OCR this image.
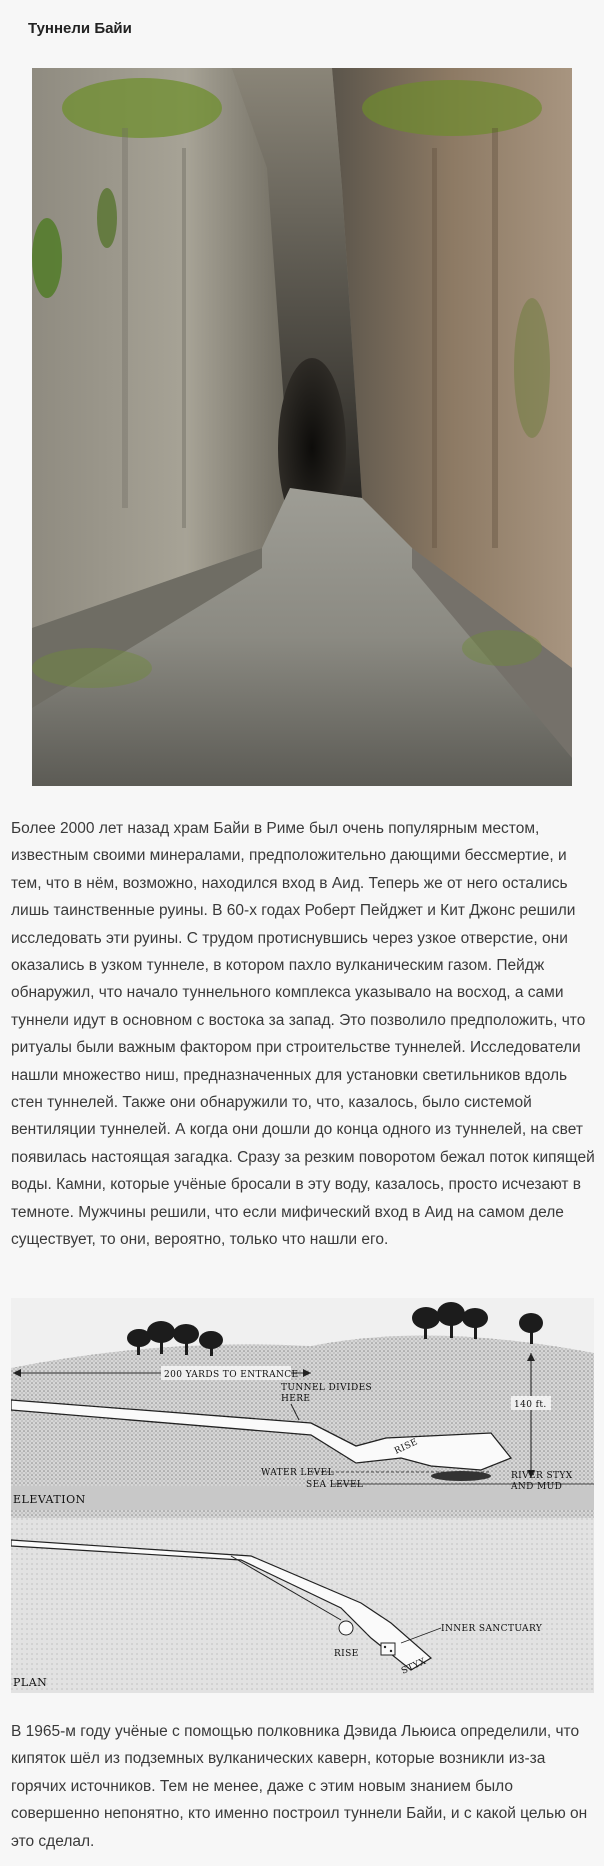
Туннели Байи

Более 2000 лет назад храм Байи в Риме был очень популярным местом, известным своими минералами, предположительно дающими бессмертие, и тем, что в нём, возможно, находился вход в Аид. Теперь же от него остались лишь таинственные руины. В 60-х годах Роберт Пейджет и Кит Джонс решили исследовать эти руины. С трудом протиснувшись через узкое отверстие, они оказались в узком туннеле, в котором пахло вулканическим газом. Пейдж обнаружил, что начало туннельного комплекса указывало на восход, а сами туннели идут в основном с востока за запад. Это позволило предположить, что ритуалы были важным фактором при строительстве туннелей. Исследователи нашли множество ниш, предназначенных для установки светильников вдоль стен туннелей. Также они обнаружили то, что, казалось, было системой вентиляции туннелей. А когда они дошли до конца одного из туннелей, на свет появилась настоящая загадка. Сразу за резким поворотом бежал поток кипящей воды. Камни, которые учёные бросали в эту воду, казалось, просто исчезают в темноте. Мужчины решили, что если мифический вход в Аид на самом деле существует, то они, вероятно, только что нашли его.

200 YARDS TO ENTRANCE
TUNNEL DIVIDES
HERE
140 ft.
RISE
WATER LEVEL
SEA LEVEL
RIVER STYX
AND MUD
ELEVATION
INNER SANCTUARY
RISE
STYX
PLAN

В 1965-м году учёные с помощью полковника Дэвида Льюиса определили, что кипяток шёл из подземных вулканических каверн, которые возникли из-за горячих источников. Тем не менее, даже с этим новым знанием было совершенно непонятно, кто именно построил туннели Байи, и с какой целью он это сделал.
